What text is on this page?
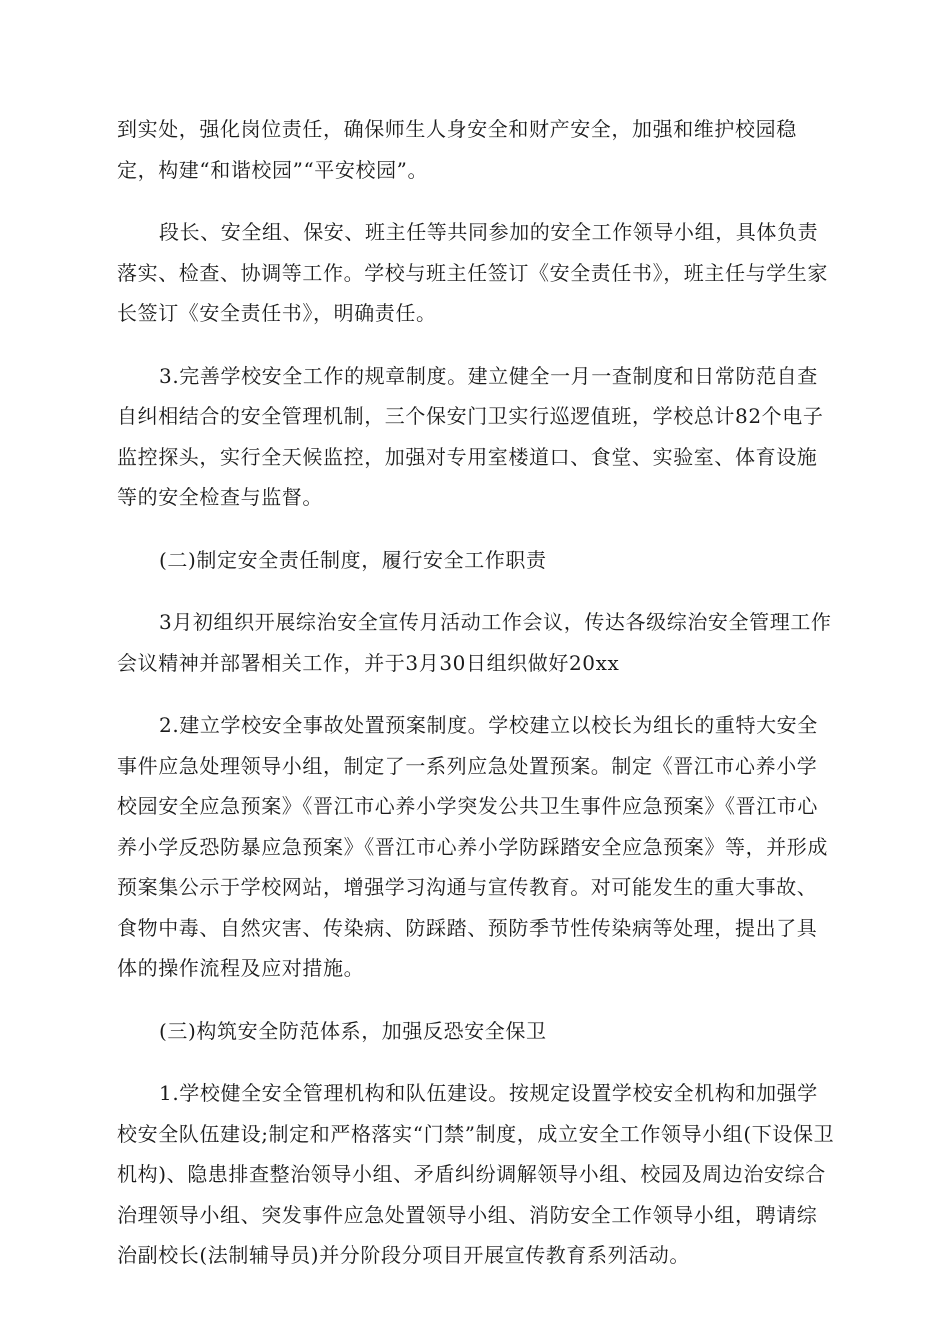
到实处，强化岗位责任，确保师生人身安全和财产安全，加强和维护校园稳定，构建“和谐校园”“平安校园”。

段长、安全组、保安、班主任等共同参加的安全工作领导小组，具体负责落实、检查、协调等工作。学校与班主任签订《安全责任书》，班主任与学生家长签订《安全责任书》，明确责任。

3.完善学校安全工作的规章制度。建立健全一月一查制度和日常防范自查自纠相结合的安全管理机制，三个保安门卫实行巡逻值班，学校总计82个电子监控探头，实行全天候监控，加强对专用室楼道口、食堂、实验室、体育设施等的安全检查与监督。

(二)制定安全责任制度，履行安全工作职责

3月初组织开展综治安全宣传月活动工作会议，传达各级综治安全管理工作会议精神并部署相关工作，并于3月30日组织做好20xx

2.建立学校安全事故处置预案制度。学校建立以校长为组长的重特大安全事件应急处理领导小组，制定了一系列应急处置预案。制定《晋江市心养小学校园安全应急预案》《晋江市心养小学突发公共卫生事件应急预案》《晋江市心养小学反恐防暴应急预案》《晋江市心养小学防踩踏安全应急预案》等，并形成预案集公示于学校网站，增强学习沟通与宣传教育。对可能发生的重大事故、食物中毒、自然灾害、传染病、防踩踏、预防季节性传染病等处理，提出了具体的操作流程及应对措施。

(三)构筑安全防范体系，加强反恐安全保卫

1.学校健全安全管理机构和队伍建设。按规定设置学校安全机构和加强学校安全队伍建设;制定和严格落实“门禁”制度，成立安全工作领导小组(下设保卫机构)、隐患排查整治领导小组、矛盾纠纷调解领导小组、校园及周边治安综合治理领导小组、突发事件应急处置领导小组、消防安全工作领导小组，聘请综治副校长(法制辅导员)并分阶段分项目开展宣传教育系列活动。
